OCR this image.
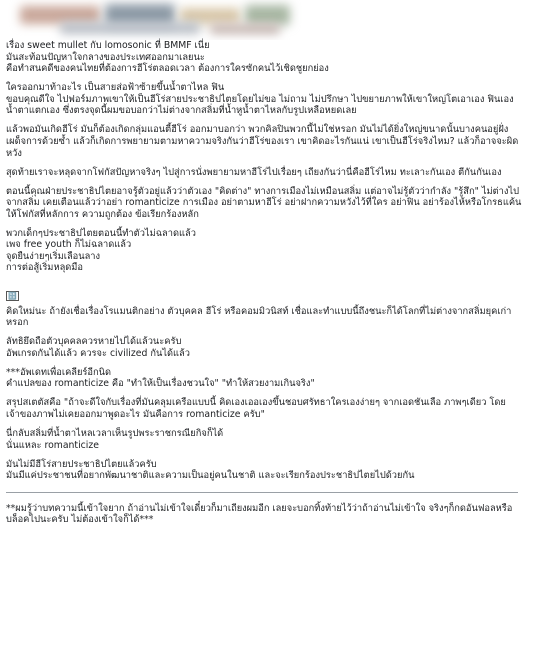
เรื่อง sweet mullet กับ lomosonic ที่ BMMF เนี่ย
มันสะท้อนปัญหาใจกลางของประเทศออกมาเลยนะ
คือทำสนคดีของคนไทยที่ต้องการฮีโร่ตลอดเวลา ต้องการใครซักคนไว้เชิดชูยกย่อง

ใครออกมาท้าอะไร เป็นสายส่อฟ้าซ้ายขึ้นน้ำตาไหล ฟิน
ขอบคุณดีใจ ไปฟอร์มภาพเขาให้เป็นฮีโร่สายประชาธิปไตยโดยไม่ขอ ไม่ถาม ไม่ปรึกษา ไปขยายภาพให้เขาใหญ่โตเอาเอง ฟินเอง น้ำตาแตกเอง ซึ่งตรงจุดนี้ผมขอบอกว่าไม่ต่างจากสลิ่มที่น้ำหูน้ำตาไหลกับรูปเหลือหยดเลย

แล้วพอมันเกิดฮีโร่ มันก็ต้องเกิดกลุ่มแอนตี้ฮีโร่ ออกมาบอกว่า พวกคิลปินพวกนี้ไม่ใช่หรอก มันไม่ได้ยิ่งใหญ่ขนาดนั้นบางคนอยู่ฝั่งเผด็จการด้วยซ้ำ แล้วก็เกิดการพยายามตามหาความจริงกันว่าฮีโร่ของเรา เขาคิดอะไรกันแน่ เขาเป็นฮีโร่จริงไหม? แล้วก็อาจจะผิดหวัง

สุดท้ายเราจะหลุดจากโฟกัสปัญหาจริงๆ ไปสู่การนั่งพยายามหาฮีโร่ไปเรื่อยๆ เถียงกันว่านี่คือฮีโร่ไหม ทะเลาะกันเอง ตีกันกันเอง

ตอนนี้คุณฝ่ายประชาธิปไตยอาจรู้ตัวอยู่แล้วว่าตัวเอง "คิดต่าง" ทางการเมืองไม่เหมือนสลิ่ม แต่อาจไม่รู้ตัวว่ากำลัง "รู้สึก" ไม่ต่างไปจากสลิ่ม เคยเตือนแล้วว่าอย่า romanticize การเมือง อย่าตามหาฮีโร่ อย่าฝากความหวังไว้ที่ใคร อย่าฟิน อย่าร้องไห้หรือโกรธแค้น ให้โฟกัสที่หลักการ ความถูกต้อง ข้อเรียกร้องหลัก

พวกเด็กๆประชาธิปไตยตอนนี้ทำตัวไม่ฉลาดแล้ว
เพจ free youth ก็ไม่ฉลาดแล้ว
จุดยืนง่ายๆเริ่มเลือนลาง
การต่อสู้เริ่มหลุดมือ

🔠

คิดใหม่นะ ถ้ายังเชื่อเรื่องโรแมนติกอย่าง ตัวบุคคล ฮีโร่ หรือคอมมิวนิสท์ เชื่อและทำแบบนี้ถึงชนะก็ได้โลกที่ไม่ต่างจากสลิ่มยุคเก่าหรอก

ลัทธิยึดถือตัวบุคคลควรหายไปได้แล้วนะครับ
อัพเกรดกันได้แล้ว ควรจะ civilized กันได้แล้ว

***อัพเดทเพื่อเคลียร์อีกนิด
คำแปลของ romanticize คือ "ทำให้เป็นเรื่องชวนใจ" "ทำให้สวยงามเกินจริง"

สรุปสเตตัสคือ "ถ้าจะดีใจกับเรื่องที่มันคลุมเครือแบบนี้ คิดเองเออเองขึ้นชอบศรัทธาใครเองง่ายๆ จากเอดชันเลือ ภาพๆเดียว โดยเจ้าของภาพไม่เคยออกมาพูดอะไร มันคือการ romanticize ครับ"

นี่กลับสลิ่มที่น้ำตาไหลเวลาเห็นรูปพระราชกรณียกิจก็ได้
นั่นแหละ romanticize

มันไม่มีฮีโร่สายประชาธิปไตยแล้วครับ
มันมีแค่ประชาชนที่อยากพัฒนาชาติและความเป็นอยู่คนในชาติ และจะเรียกร้องประชาธิปไตยไปด้วยกัน

**ผมรู้ว่าบทความนี้เข้าใจยาก ถ้าอ่านไม่เข้าใจเดี๋ยวก็มาเถียงผมอีก เลยจะบอกทิ้งท้ายไว้ว่าถ้าอ่านไม่เข้าใจ จริงๆก็กดอันฟอลหรือบล็อคไปนะครับ ไม่ต้องเข้าใจก็ได้***
